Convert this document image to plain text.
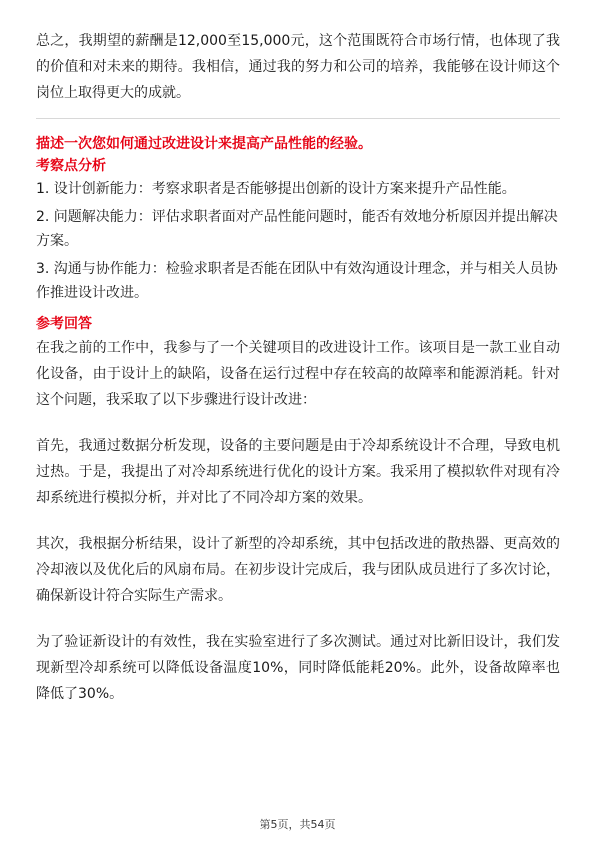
总之，我期望的薪酬是12,000至15,000元，这个范围既符合市场行情，也体现了我的价值和对未来的期待。我相信，通过我的努力和公司的培养，我能够在设计师这个岗位上取得更大的成就。

描述一次您如何通过改进设计来提高产品性能的经验。

考察点分析

1. 设计创新能力：考察求职者是否能够提出创新的设计方案来提升产品性能。

2. 问题解决能力：评估求职者面对产品性能问题时，能否有效地分析原因并提出解决方案。

3. 沟通与协作能力：检验求职者是否能在团队中有效沟通设计理念，并与相关人员协作推进设计改进。

参考回答

在我之前的工作中，我参与了一个关键项目的改进设计工作。该项目是一款工业自动化设备，由于设计上的缺陷，设备在运行过程中存在较高的故障率和能源消耗。针对这个问题，我采取了以下步骤进行设计改进：

首先，我通过数据分析发现，设备的主要问题是由于冷却系统设计不合理，导致电机过热。于是，我提出了对冷却系统进行优化的设计方案。我采用了模拟软件对现有冷却系统进行模拟分析，并对比了不同冷却方案的效果。

其次，我根据分析结果，设计了新型的冷却系统，其中包括改进的散热器、更高效的冷却液以及优化后的风扇布局。在初步设计完成后，我与团队成员进行了多次讨论，确保新设计符合实际生产需求。

为了验证新设计的有效性，我在实验室进行了多次测试。通过对比新旧设计，我们发现新型冷却系统可以降低设备温度10%，同时降低能耗20%。此外，设备故障率也降低了30%。

第5页，共54页
